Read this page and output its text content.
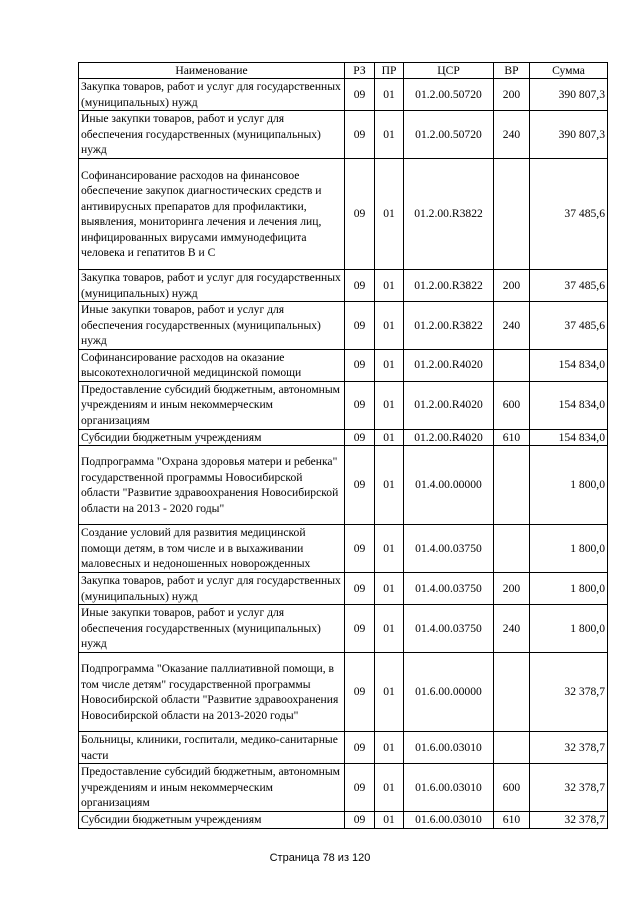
Наименование	РЗ	ПР	ЦСР	ВР	Сумма
Закупка товаров, работ и услуг для государственных (муниципальных) нужд	09	01	01.2.00.50720	200	390 807,3
Иные закупки товаров, работ и услуг для обеспечения государственных (муниципальных) нужд	09	01	01.2.00.50720	240	390 807,3
Софинансирование расходов на финансовое обеспечение закупок диагностических средств и антивирусных препаратов для профилактики, выявления, мониторинга лечения и лечения лиц, инфицированных вирусами иммунодефицита человека и гепатитов В и С	09	01	01.2.00.R3822		37 485,6
Закупка товаров, работ и услуг для государственных (муниципальных) нужд	09	01	01.2.00.R3822	200	37 485,6
Иные закупки товаров, работ и услуг для обеспечения государственных (муниципальных) нужд	09	01	01.2.00.R3822	240	37 485,6
Софинансирование расходов на оказание высокотехнологичной медицинской помощи	09	01	01.2.00.R4020		154 834,0
Предоставление субсидий бюджетным, автономным учреждениям и иным некоммерческим организациям	09	01	01.2.00.R4020	600	154 834,0
Субсидии бюджетным учреждениям	09	01	01.2.00.R4020	610	154 834,0
Подпрограмма "Охрана здоровья матери и ребенка" государственной программы Новосибирской области "Развитие здравоохранения Новосибирской области на 2013 - 2020 годы"	09	01	01.4.00.00000		1 800,0
Создание условий для развития медицинской помощи детям, в том числе и в выхаживании маловесных и недоношенных новорожденных	09	01	01.4.00.03750		1 800,0
Закупка товаров, работ и услуг для государственных (муниципальных) нужд	09	01	01.4.00.03750	200	1 800,0
Иные закупки товаров, работ и услуг для обеспечения государственных (муниципальных) нужд	09	01	01.4.00.03750	240	1 800,0
Подпрограмма "Оказание паллиативной помощи, в том числе детям" государственной программы Новосибирской области "Развитие здравоохранения Новосибирской области на 2013-2020 годы"	09	01	01.6.00.00000		32 378,7
Больницы, клиники, госпитали, медико-санитарные части	09	01	01.6.00.03010		32 378,7
Предоставление субсидий бюджетным, автономным учреждениям и иным некоммерческим организациям	09	01	01.6.00.03010	600	32 378,7
Субсидии бюджетным учреждениям	09	01	01.6.00.03010	610	32 378,7
Страница 78 из 120
